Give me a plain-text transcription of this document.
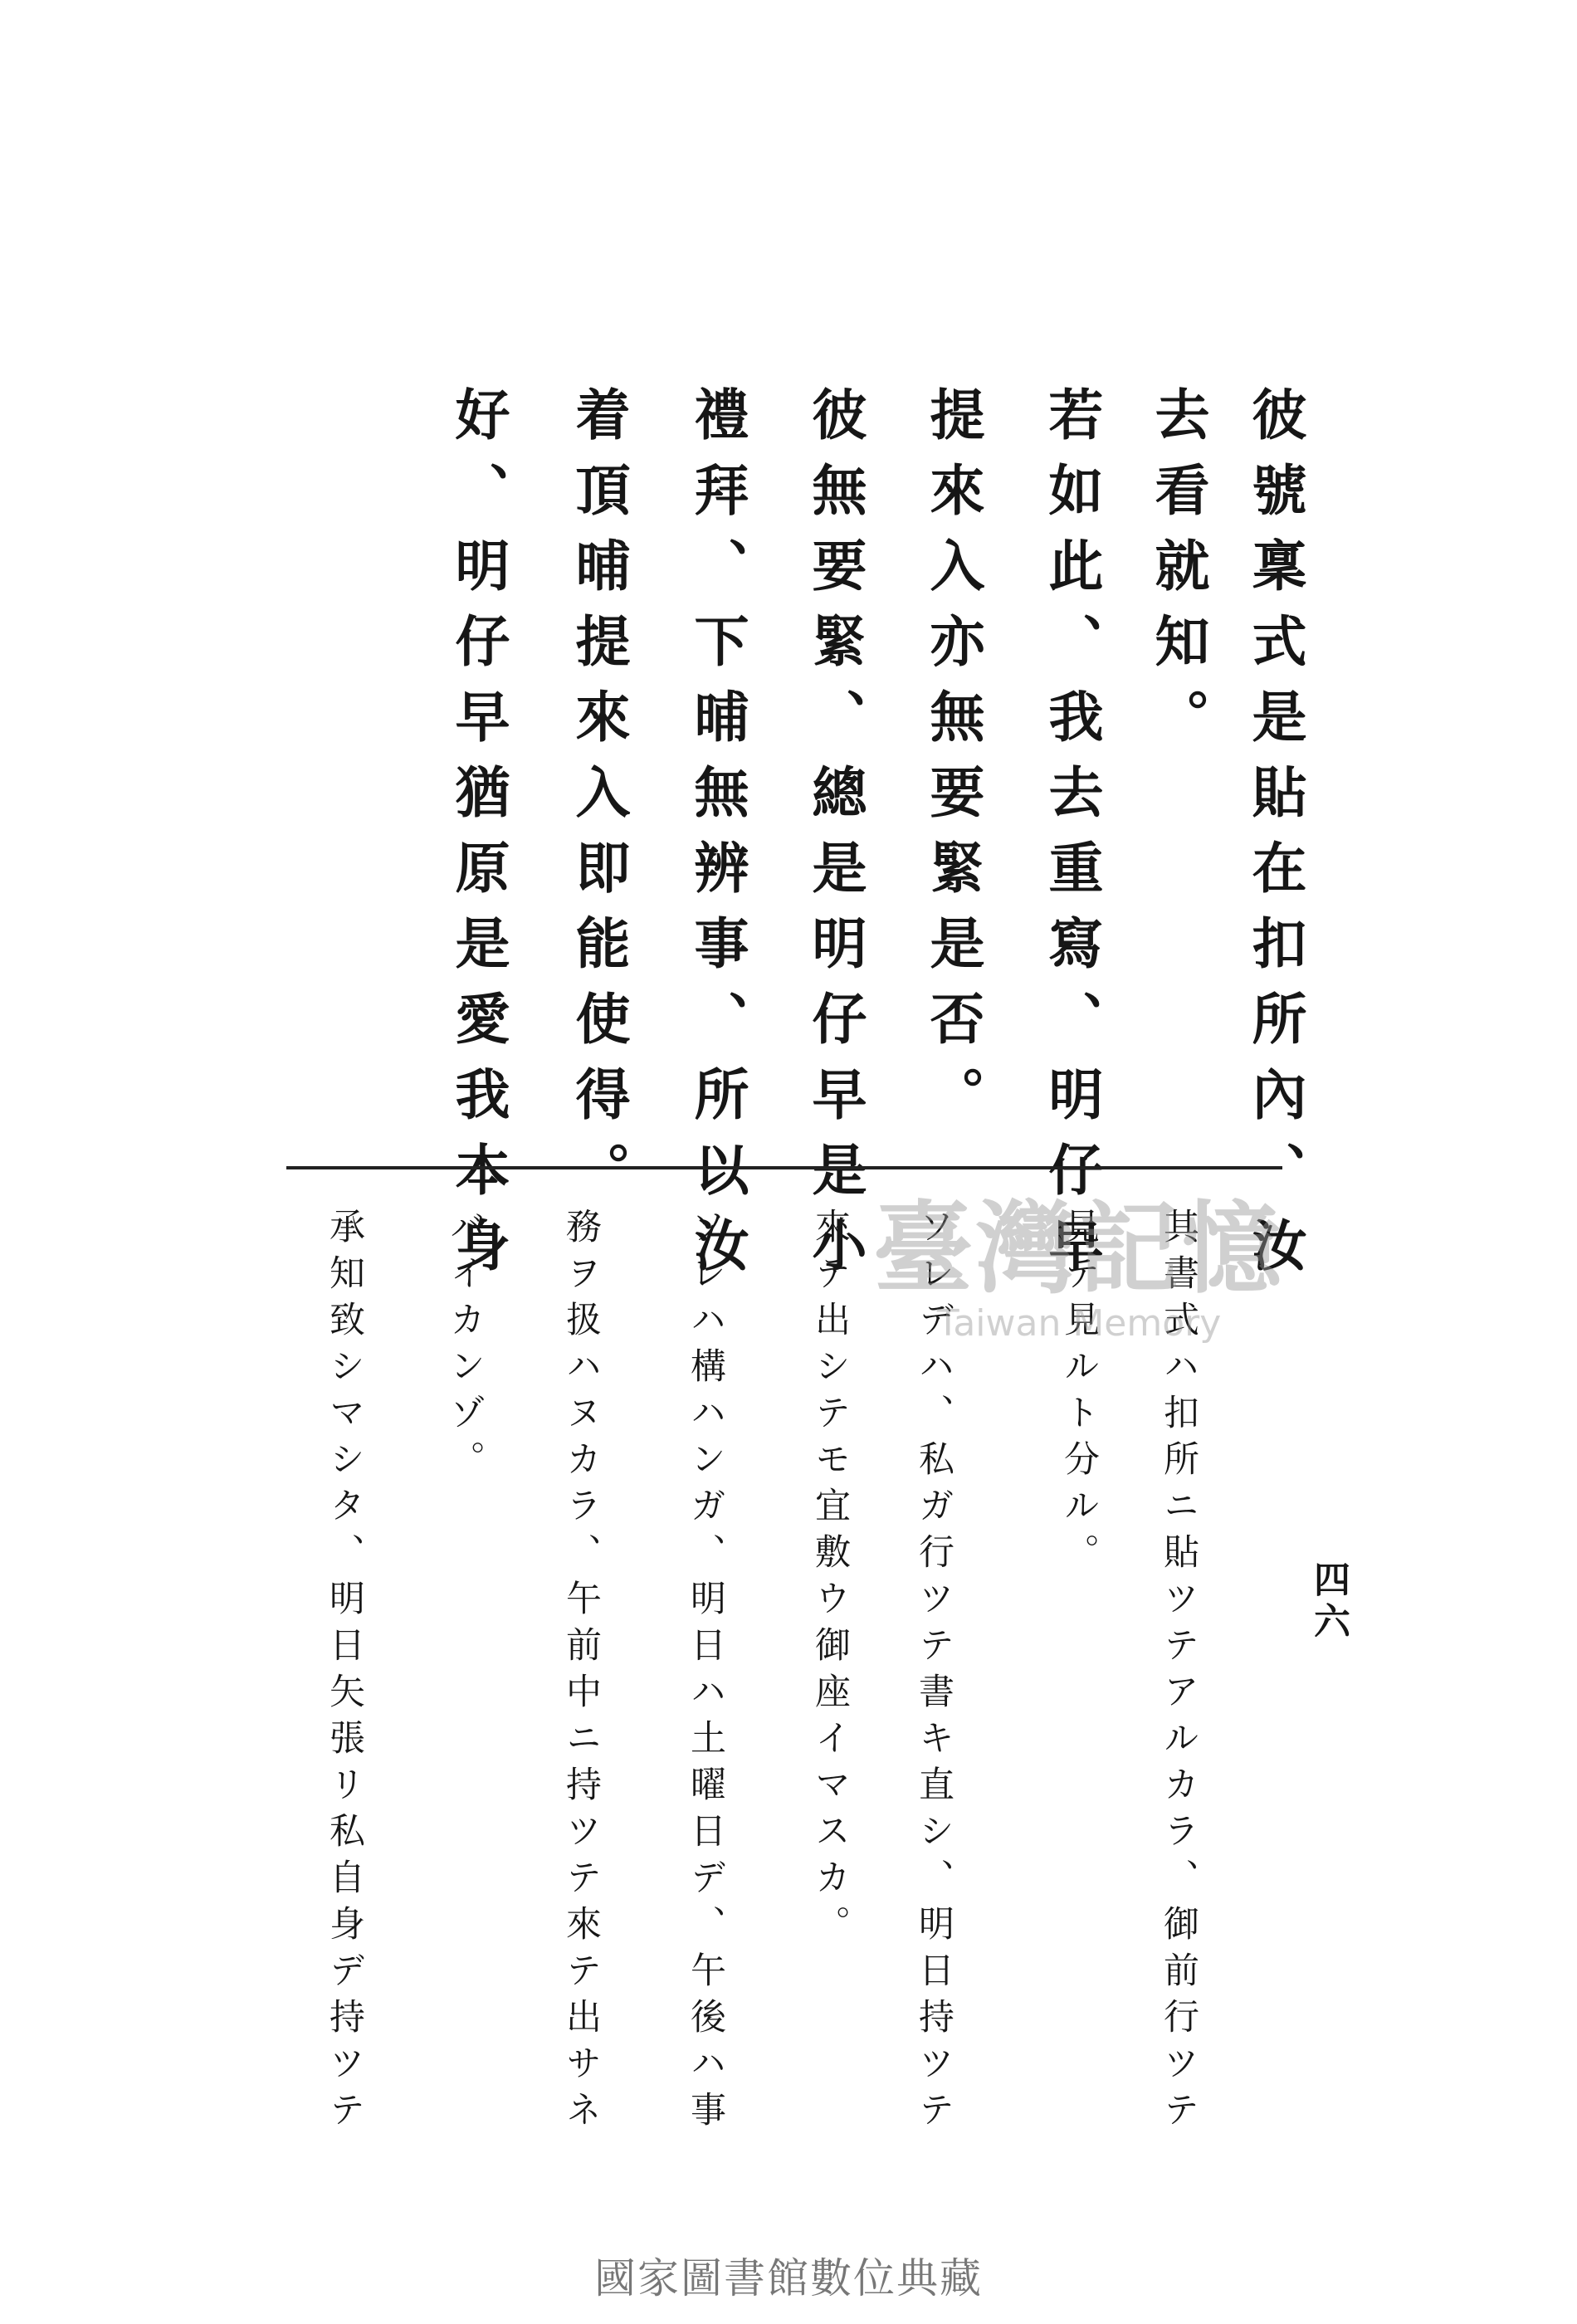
彼號稟式是貼在扣所內、汝

去看就知。

若如此、我去重寫、明仔早

提來入亦無要緊是否。

彼無要緊、總是明仔早是小

禮拜、下晡無辨事、所以汝

着頂晡提來入即能使得。

好、明仔早猶原是愛我本身

其書式ハ扣所ニ貼ツテアルカラ、御前行ツテ

見テ見ルト分ル。

ソレデハ、私ガ行ツテ書キ直シ、明日持ツテ

來テ出シテモ宜敷ウ御座イマスカ。

ソレハ構ハンガ、明日ハ土曜日デ、午後ハ事

務ヲ扱ハヌカラ、午前中ニ持ツテ來テ出サネ

バイカンゾ。

承知致シマシタ、明日矢張リ私自身デ持ツテ	四六
臺灣記憶
Taiwan Memory
國家圖書館數位典藏
